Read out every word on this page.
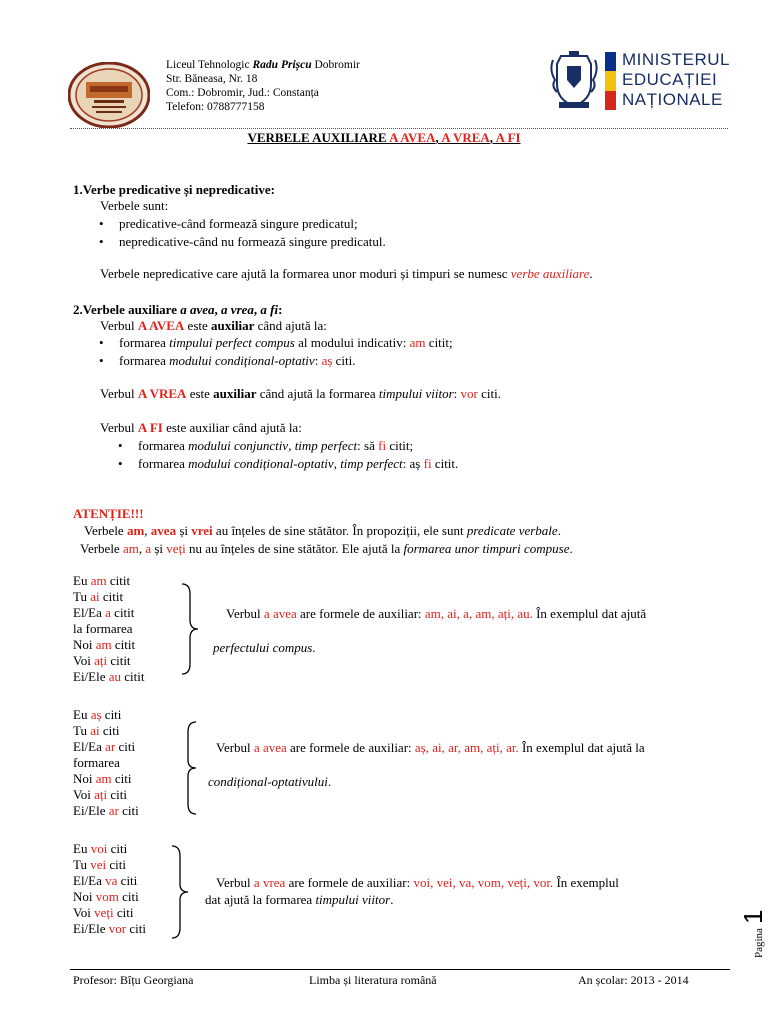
Liceul Tehnologic Radu Prișcu Dobromir
Str. Băneasa, Nr. 18
Com.: Dobromir, Jud.: Constanța
Telefon: 0788777158
MINISTERUL
EDUCAȚIEI
NAȚIONALE
VERBELE AUXILIARE A AVEA, A VREA, A FI
1.Verbe predicative și nepredicative:
Verbele sunt:
• predicative-când formează singure predicatul;
• nepredicative-când nu formează singure predicatul.
Verbele nepredicative care ajută la formarea unor moduri și timpuri se numesc verbe auxiliare.
2.Verbele auxiliare a avea, a vrea, a fi:
Verbul A AVEA este auxiliar când ajută la:
• formarea timpului perfect compus al modului indicativ: am citit;
• formarea modului condițional-optativ: aș citi.
Verbul A VREA este auxiliar când ajută la formarea timpului viitor: vor citi.
Verbul A FI este auxiliar când ajută la:
• formarea modului conjunctiv, timp perfect: să fi citit;
• formarea modului condițional-optativ, timp perfect: aș fi citit.
ATENȚIE!!!
Verbele am, avea și vrei au înțeles de sine stătător. În propoziții, ele sunt predicate verbale.
Verbele am, a și veți nu au înțeles de sine stătător. Ele ajută la formarea unor timpuri compuse.
Eu am citit
Tu ai citit
El/Ea a citit
la formarea
Noi am citit
Voi ați citit
Ei/Ele au citit
Verbul a avea are formele de auxiliar: am, ai, a, am, ați, au. În exemplul dat ajută
perfectului compus.
Eu aș citi
Tu ai citi
El/Ea ar citi
formarea
Noi am citi
Voi ați citi
Ei/Ele ar citi
Verbul a avea are formele de auxiliar: aș, ai, ar, am, ați, ar. În exemplul dat ajută la
condițional-optativului.
Eu voi citi
Tu vei citi
El/Ea va citi
Noi vom citi
Voi veți citi
Ei/Ele vor citi
Verbul a vrea are formele de auxiliar: voi, vei, va, vom, veți, vor. În exemplul
dat ajută la formarea timpului viitor.
Pagina 1
Profesor: Bîțu Georgiana	Limba și literatura română	An școlar: 2013 - 2014
